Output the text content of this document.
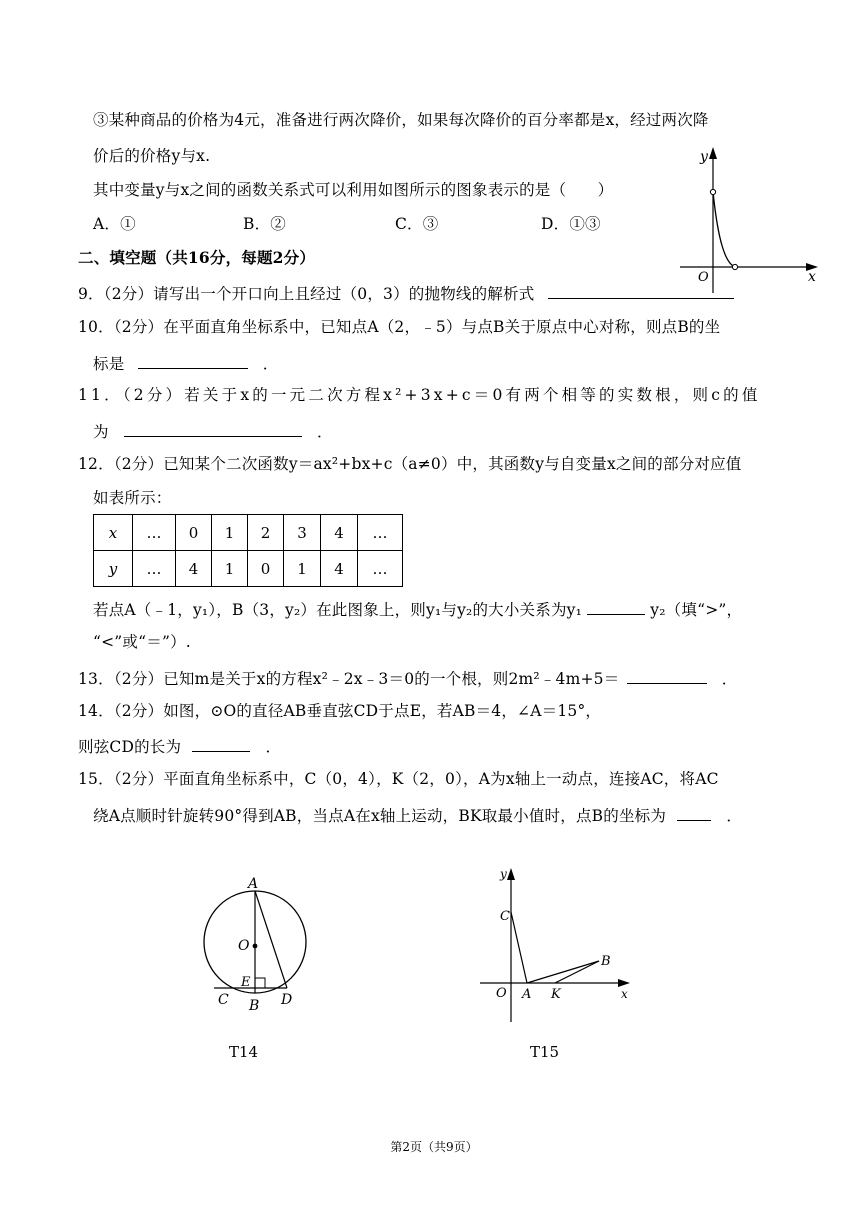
③某种商品的价格为4元，准备进行两次降价，如果每次降价的百分率都是x，经过两次降
价后的价格y与x.
其中变量y与x之间的函数关系式可以利用如图所示的图象表示的是（　　）
A．①	B．②	C．③	D．①③
y
x
O
二、填空题（共16分，每题2分）
9．（2分）请写出一个开口向上且经过（0，3）的抛物线的解析式
10．（2分）在平面直角坐标系中，已知点A（2，﹣5）与点B关于原点中心对称，则点B的坐
标是	．
11．（2分）若关于x的一元二次方程x²+3x+c＝0有两个相等的实数根，则c的值
为	．
12．（2分）已知某个二次函数y＝ax²+bx+c（a≠0）中，其函数y与自变量x之间的部分对应值
如表所示：
x	…	0	1	2	3	4	…
y	…	4	1	0	1	4	…
若点A（﹣1，y₁），B（3，y₂）在此图象上，则y₁与y₂的大小关系为y₁	y₂（填“>”，
“<”或“＝”）.
13．（2分）已知m是关于x的方程x²﹣2x﹣3＝0的一个根，则2m²﹣4m+5＝	．
14．（2分）如图，⊙O的直径AB垂直弦CD于点E，若AB＝4，∠A＝15°，
则弦CD的长为	．
15．（2分）平面直角坐标系中，C（0，4），K（2，0），A为x轴上一动点，连接AC，将AC
绕A点顺时针旋转90°得到AB，当点A在x轴上运动，BK取最小值时，点B的坐标为	．
A
O
E
B
C	D
T14
y
C
B
O A K	x
T15
第2页（共9页）
